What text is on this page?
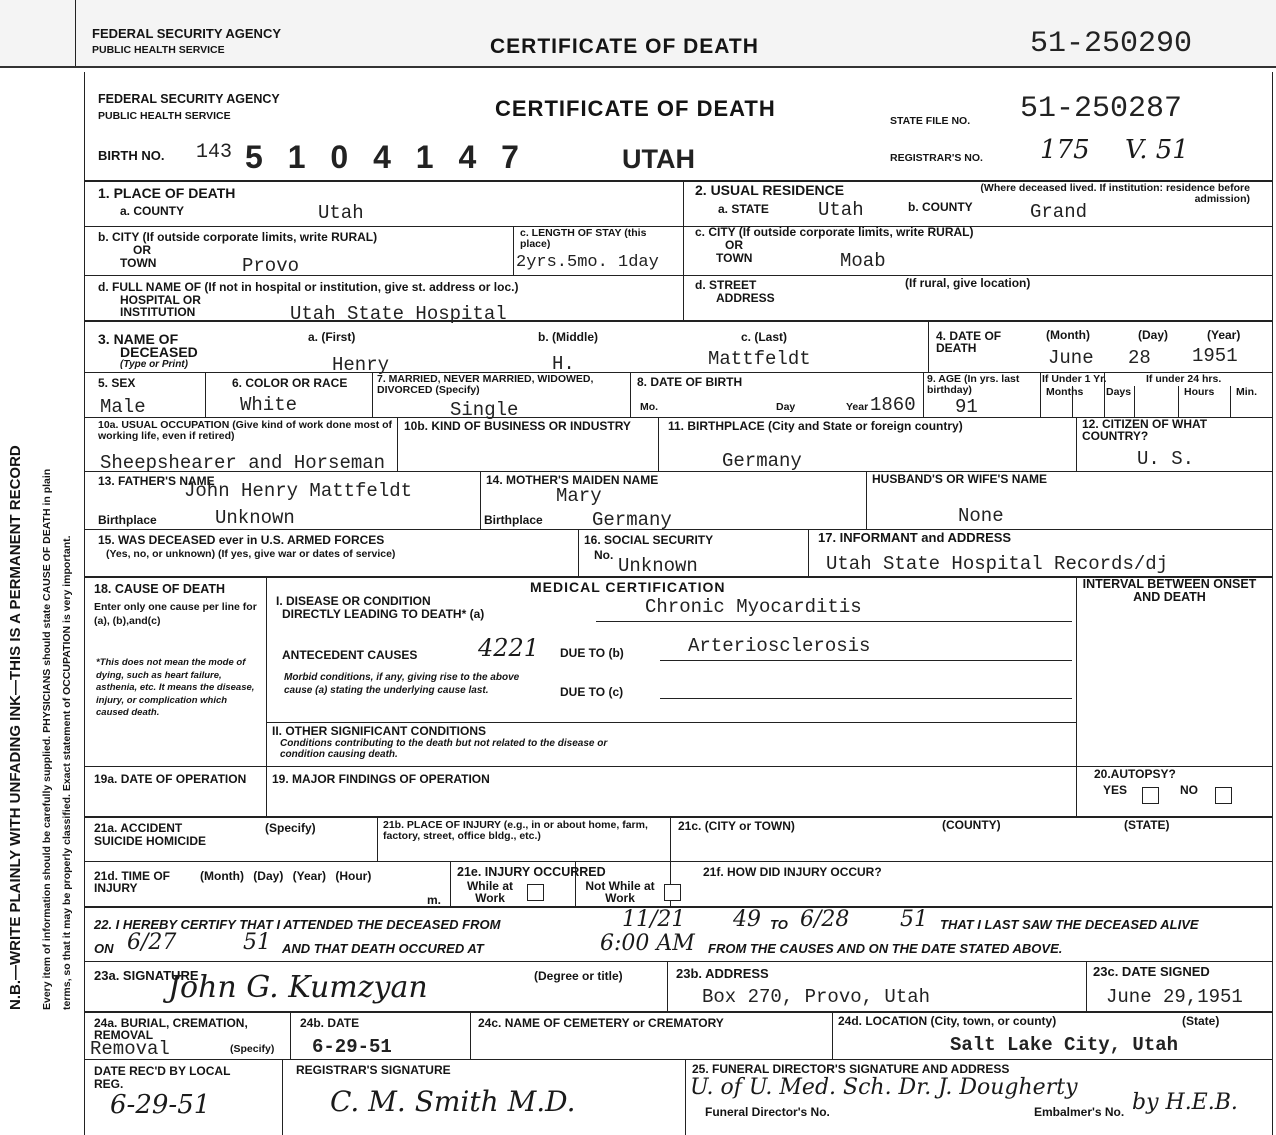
FEDERAL SECURITY AGENCY
PUBLIC HEALTH SERVICE	CERTIFICATE OF DEATH	51-250290
N.B.—WRITE PLAINLY WITH UNFADING INK—THIS IS A PERMANENT RECORD Every item of information should be carefully supplied. PHYSICIANS should state CAUSE OF DEATH in plain terms, so that it may be properly classified. Exact statement of OCCUPATION is very important.
FEDERAL SECURITY AGENCY
PUBLIC HEALTH SERVICE	CERTIFICATE OF DEATH	STATE FILE NO. 51-250287
BIRTH NO. 143 5 1 0 4 1 4 7	UTAH	REGISTRAR'S NO. 175 V. 51
1. PLACE OF DEATH
a. COUNTY	Utah
2. USUAL RESIDENCE	(Where deceased lived. If institution: residence before admission)
a. STATE	Utah	b. COUNTY	Grand
b. CITY (If outside corporate limits, write RURAL)
OR
TOWN	Provo
c. LENGTH OF STAY (this place)
2yrs.5mo. 1day
c. CITY (If outside corporate limits, write RURAL)
OR
TOWN	Moab
d. FULL NAME OF (If not in hospital or institution, give st. address or loc.)
HOSPITAL OR
INSTITUTION	Utah State Hospital
d. STREET
ADDRESS
(If rural, give location)
3. NAME OF
DECEASED
(Type or Print)
a. (First)
Henry
b. (Middle)
H.
c. (Last)
Mattfeldt
4. DATE OF DEATH
(Month)	(Day)	(Year)
June 28 1951
5. SEX
Male
6. COLOR OR RACE
White
7. MARRIED, NEVER MARRIED, WIDOWED, DIVORCED (Specify)
Single
8. DATE OF BIRTH
Mo.	Day	Year 1860
9. AGE (In yrs. last birthday)
91
If Under 1 Yr.
Months Days
If under 24 hrs.
Hours Min.
10a. USUAL OCCUPATION (Give kind of work done most of working life, even if retired)
Sheepshearer and Horseman
10b. KIND OF BUSINESS OR INDUSTRY	11. BIRTHPLACE (City and State or foreign country)
Germany
12. CITIZEN OF WHAT COUNTRY?
U. S.
13. FATHER'S NAME
John Henry Mattfeldt
Birthplace	Unknown
14. MOTHER'S MAIDEN NAME
Mary
Birthplace	Germany
HUSBAND'S OR WIFE'S NAME
None
15. WAS DECEASED ever in U.S. ARMED FORCES
(Yes, no, or unknown) (If yes, give war or dates of service)
16. SOCIAL SECURITY
No. Unknown
17. INFORMANT and ADDRESS
Utah State Hospital Records/dj
18. CAUSE OF DEATH
Enter only one cause per line for (a), (b),and(c)
*This does not mean the mode of dying, such as heart failure, asthenia, etc. It means the disease, injury, or complication which caused death.
MEDICAL CERTIFICATION	INTERVAL BETWEEN ONSET AND DEATH
I. DISEASE OR CONDITION
DIRECTLY LEADING TO DEATH* (a)	Chronic Myocarditis
ANTECEDENT CAUSES	4221 DUE TO (b)	Arteriosclerosis
Morbid conditions, if any, giving rise to the above cause (a) stating the underlying cause last.	DUE TO (c)
II. OTHER SIGNIFICANT CONDITIONS
Conditions contributing to the death but not related to the disease or condition causing death.
19a. DATE OF OPERATION	19. MAJOR FINDINGS OF OPERATION	20.AUTOPSY?
YES	NO
21a. ACCIDENT SUICIDE HOMICIDE
(Specify)	21b. PLACE OF INJURY (e.g., in or about home, farm, factory, street, office bldg., etc.)
21c. (CITY or TOWN)	(COUNTY)	(STATE)
21d. TIME OF INJURY
(Month) (Day) (Year) (Hour)
m.
21e. INJURY OCCURRED
While at Work
Not While at Work
21f. HOW DID INJURY OCCUR?
22. I HEREBY CERTIFY THAT I ATTENDED THE DECEASED FROM	11/21 49 TO 6/28 51 THAT I LAST SAW THE DECEASED ALIVE
ON 6/27	51 AND THAT DEATH OCCURED AT	6:00 AM FROM THE CAUSES AND ON THE DATE STATED ABOVE.
23a. SIGNATURE
John G. Kumzyan	(Degree or title)	23b. ADDRESS
Box 270, Provo, Utah
23c. DATE SIGNED
June 29,1951
24a. BURIAL, CREMATION, REMOVAL
(Specify)
Removal
24b. DATE
6-29-51
24c. NAME OF CEMETERY or CREMATORY	24d. LOCATION (City, town, or county)	(State)
Salt Lake City, Utah
DATE REC'D BY LOCAL REG.
6-29-51
REGISTRAR'S SIGNATURE
C. M. Smith M.D.
25. FUNERAL DIRECTOR'S SIGNATURE AND ADDRESS
U. of U. Med. Sch. Dr. J. Dougherty
Funeral Director's No.	Embalmer's No. by H.E.B.
